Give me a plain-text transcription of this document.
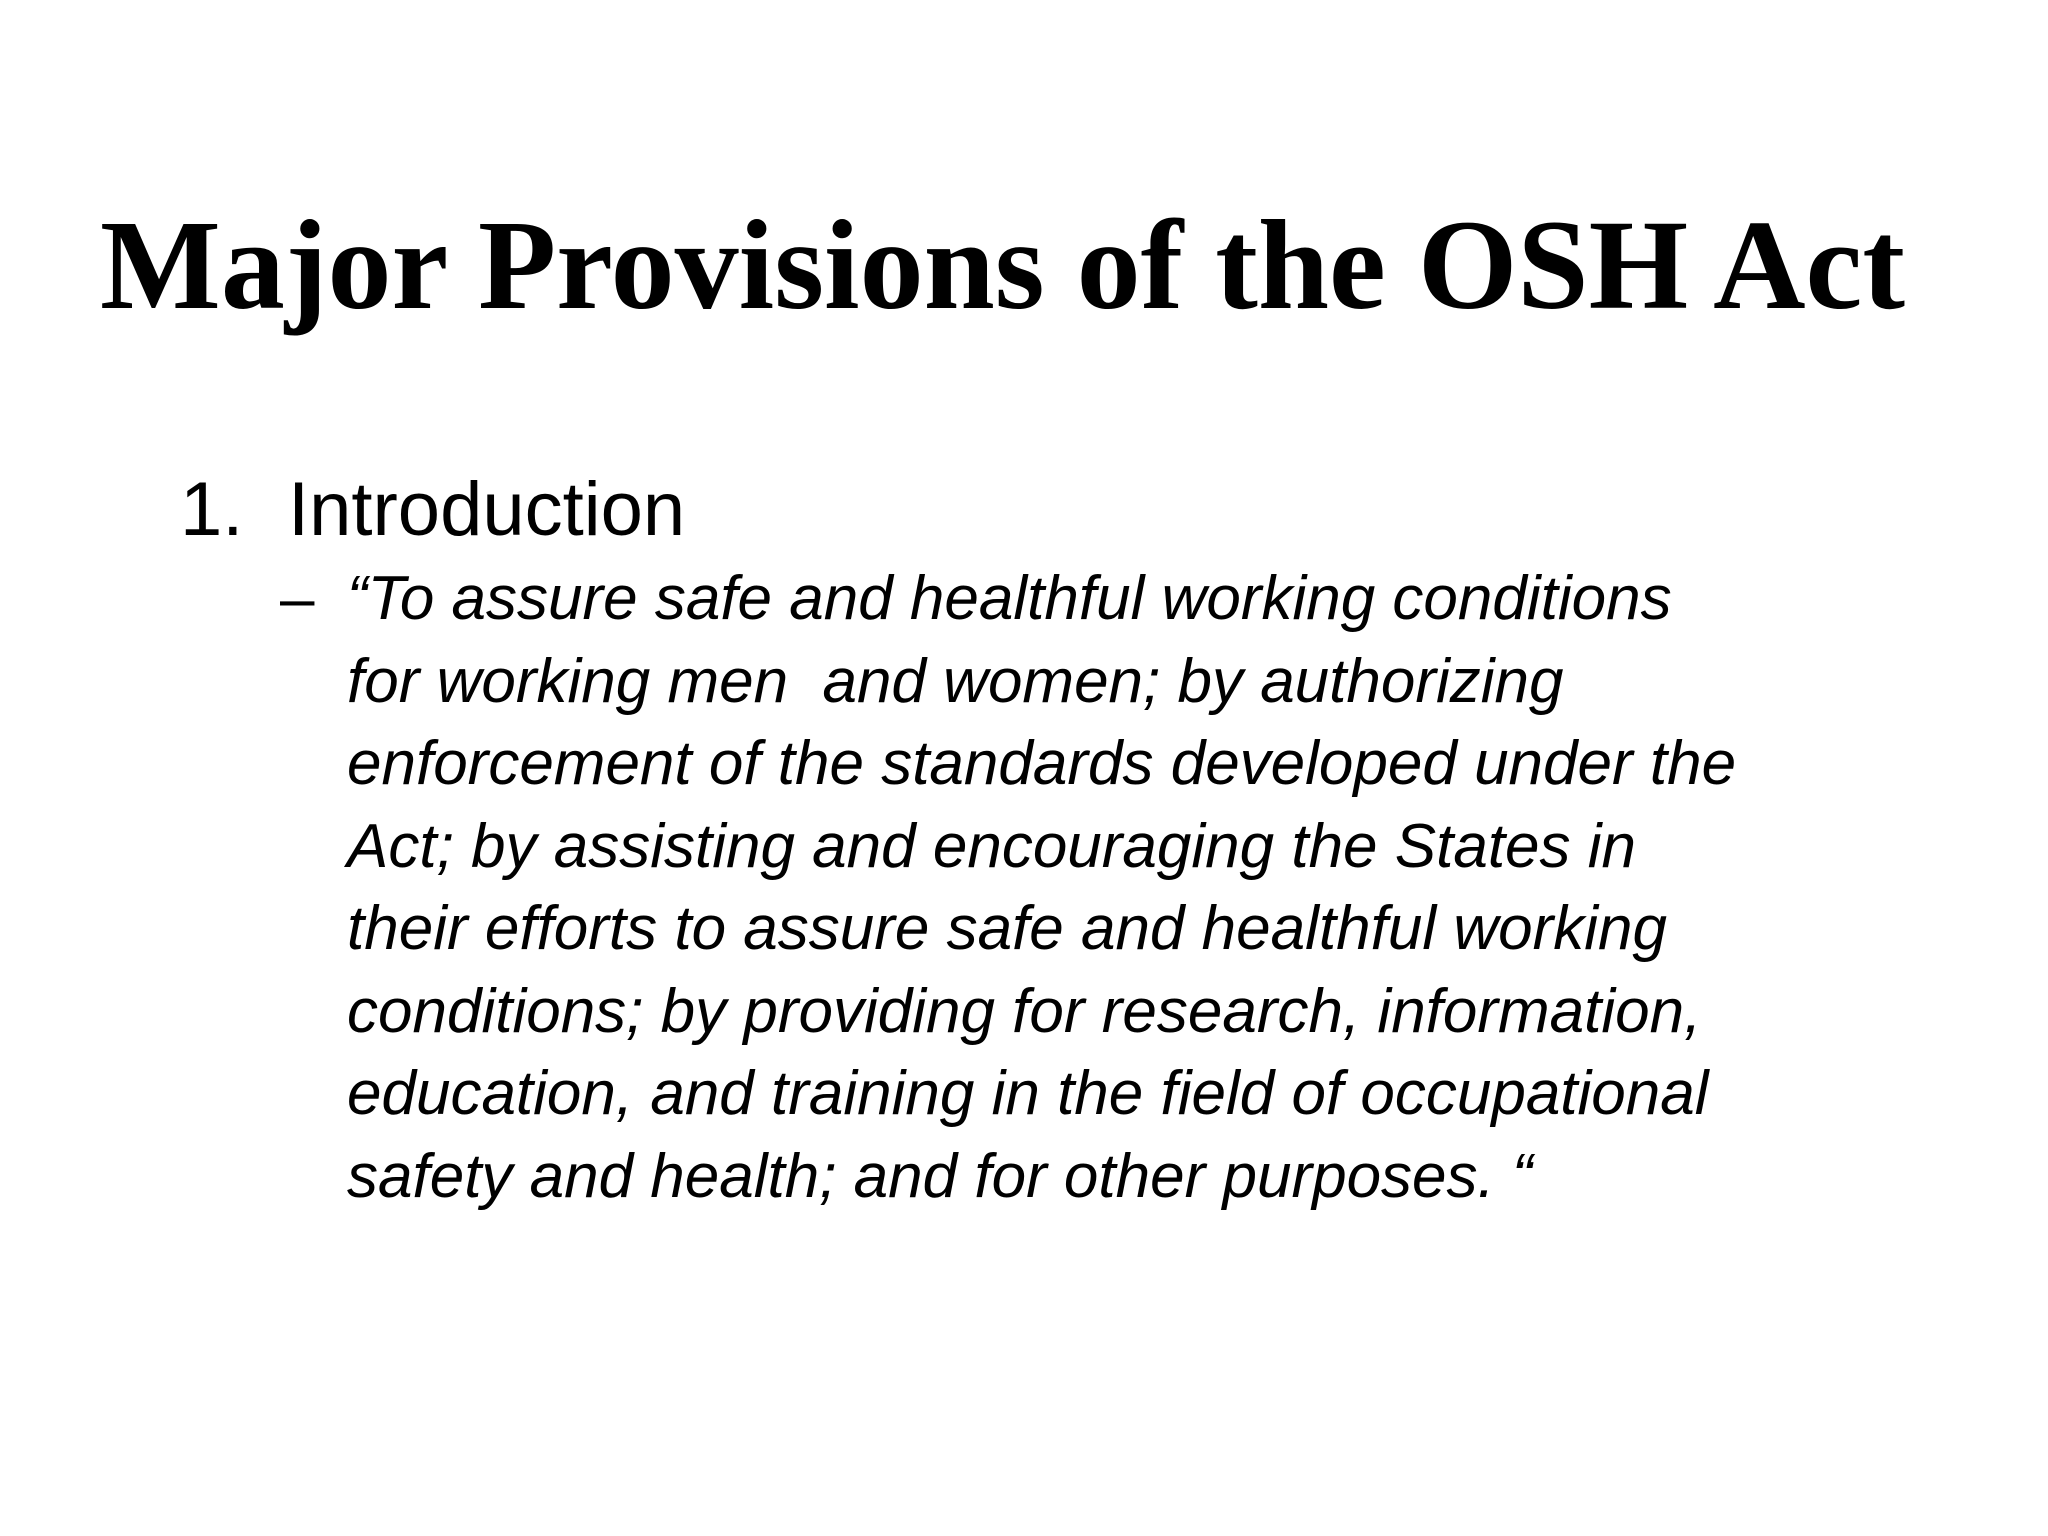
Major Provisions of the OSH Act
1. Introduction
– “To assure safe and healthful working conditions
for working men  and women; by authorizing
enforcement of the standards developed under the
Act; by assisting and encouraging the States in
their efforts to assure safe and healthful working
conditions; by providing for research, information,
education, and training in the field of occupational
safety and health; and for other purposes. “
